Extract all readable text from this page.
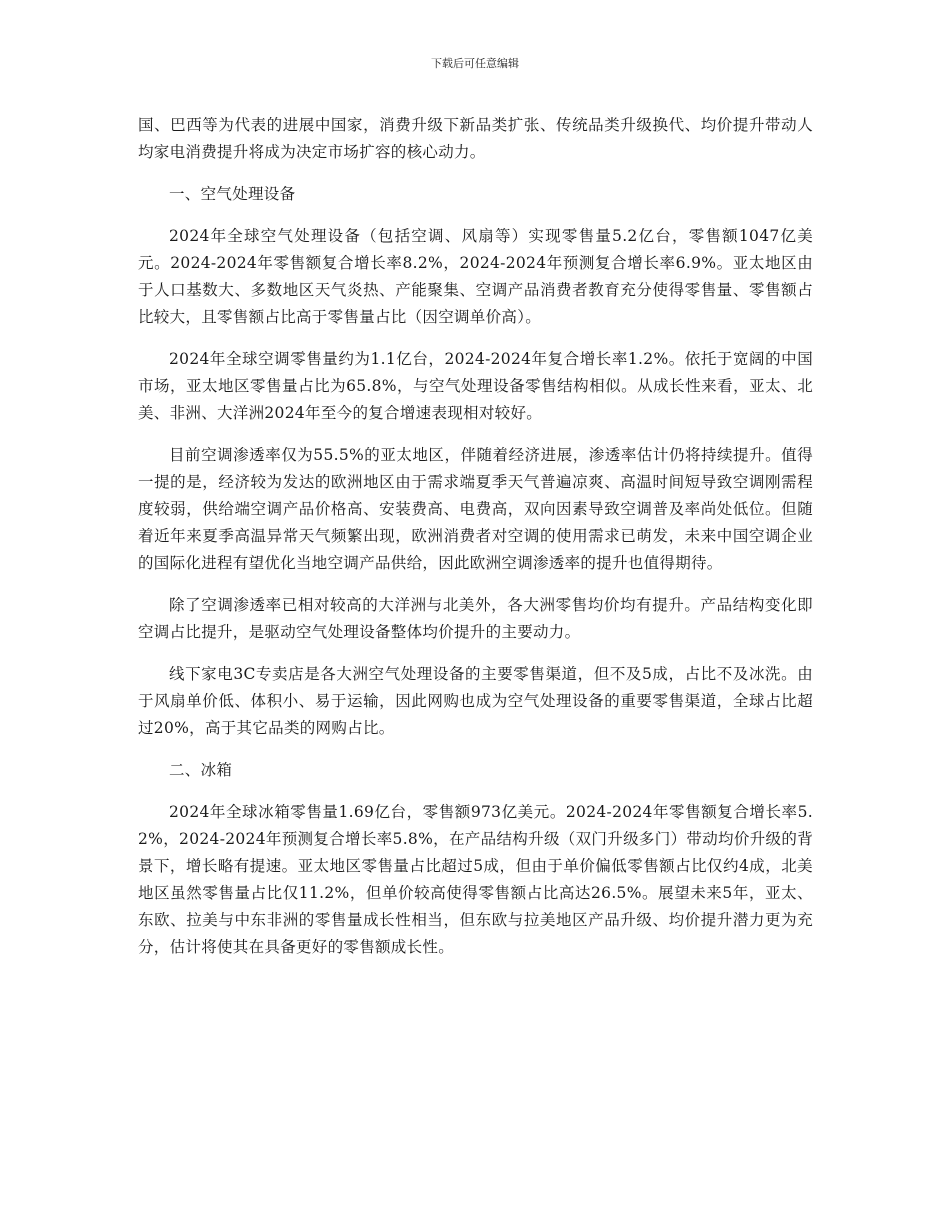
下载后可任意编辑

国、巴西等为代表的进展中国家，消费升级下新品类扩张、传统品类升级换代、均价提升带动人均家电消费提升将成为决定市场扩容的核心动力。

一、空气处理设备

2024年全球空气处理设备（包括空调、风扇等）实现零售量5.2亿台，零售额1047亿美元。2024-2024年零售额复合增长率8.2%，2024-2024年预测复合增长率6.9%。亚太地区由于人口基数大、多数地区天气炎热、产能聚集、空调产品消费者教育充分使得零售量、零售额占比较大，且零售额占比高于零售量占比（因空调单价高）。

2024年全球空调零售量约为1.1亿台，2024-2024年复合增长率1.2%。依托于宽阔的中国市场，亚太地区零售量占比为65.8%，与空气处理设备零售结构相似。从成长性来看，亚太、北美、非洲、大洋洲2024年至今的复合增速表现相对较好。

目前空调渗透率仅为55.5%的亚太地区，伴随着经济进展，渗透率估计仍将持续提升。值得一提的是，经济较为发达的欧洲地区由于需求端夏季天气普遍凉爽、高温时间短导致空调刚需程度较弱，供给端空调产品价格高、安装费高、电费高，双向因素导致空调普及率尚处低位。但随着近年来夏季高温异常天气频繁出现，欧洲消费者对空调的使用需求已萌发，未来中国空调企业的国际化进程有望优化当地空调产品供给，因此欧洲空调渗透率的提升也值得期待。

除了空调渗透率已相对较高的大洋洲与北美外，各大洲零售均价均有提升。产品结构变化即空调占比提升，是驱动空气处理设备整体均价提升的主要动力。

线下家电3C专卖店是各大洲空气处理设备的主要零售渠道，但不及5成，占比不及冰洗。由于风扇单价低、体积小、易于运输，因此网购也成为空气处理设备的重要零售渠道，全球占比超过20%，高于其它品类的网购占比。

二、冰箱

2024年全球冰箱零售量1.69亿台，零售额973亿美元。2024-2024年零售额复合增长率5.2%，2024-2024年预测复合增长率5.8%，在产品结构升级（双门升级多门）带动均价升级的背景下，增长略有提速。亚太地区零售量占比超过5成，但由于单价偏低零售额占比仅约4成，北美地区虽然零售量占比仅11.2%，但单价较高使得零售额占比高达26.5%。展望未来5年，亚太、东欧、拉美与中东非洲的零售量成长性相当，但东欧与拉美地区产品升级、均价提升潜力更为充分，估计将使其在具备更好的零售额成长性。
